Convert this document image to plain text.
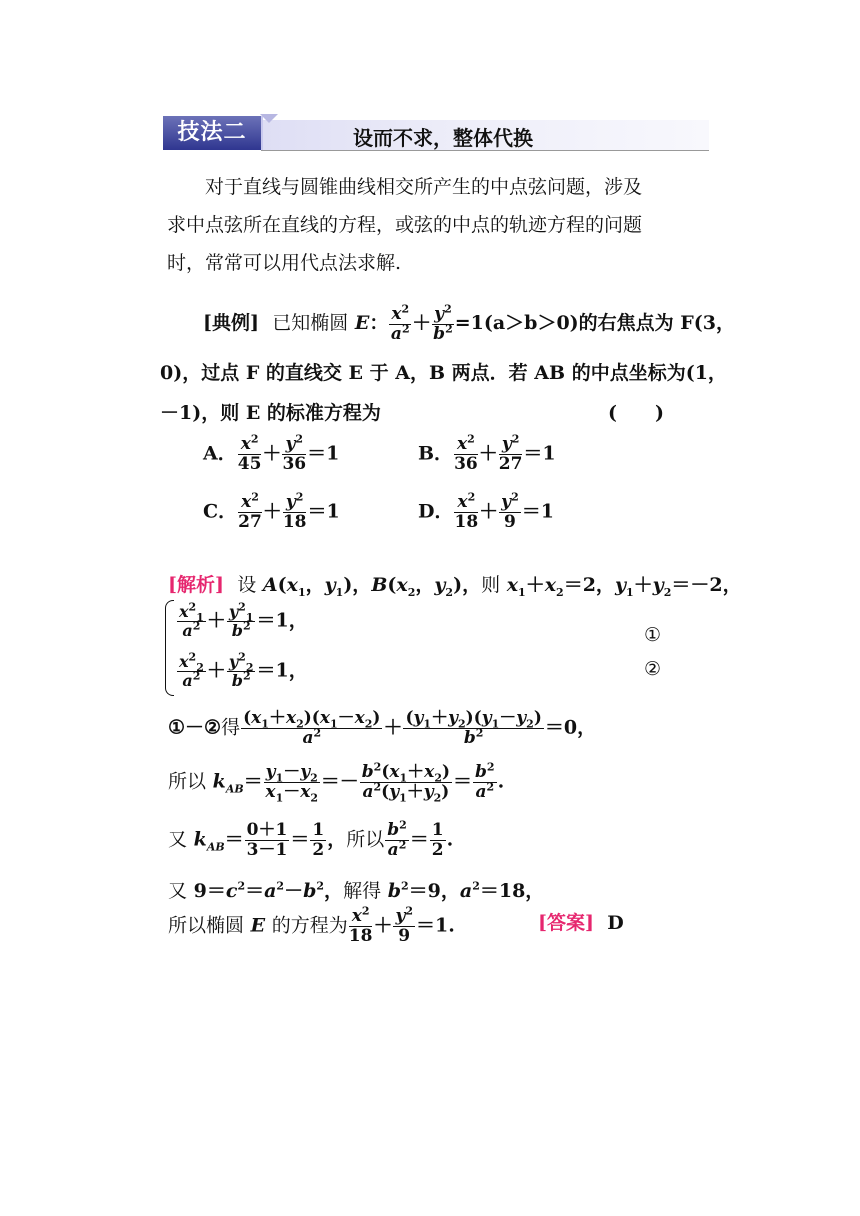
技法二	设而不求，整体代换
对于直线与圆锥曲线相交所产生的中点弦问题，涉及
求中点弦所在直线的方程，或弦的中点的轨迹方程的问题
时，常常可以用代点法求解.
[典例] 已知椭圆 E： $\frac{x^2}{a^2} + \frac{y^2}{b^2} =1(a>b>0)$的右焦点为 F(3，
0)，过点 F 的直线交 E 于 A，B 两点．若 AB 的中点坐标为(1，
－1)，则 E 的标准方程为	(　　)
A． $\frac{x^2}{45} + \frac{y^2}{36} =1$	B． $\frac{x^2}{36} + \frac{y^2}{27} =1$
C． $\frac{x^2}{27} + \frac{y^2}{18} =1$	D． $\frac{x^2}{18} + \frac{y^2}{9} =1$
[解析] 设 $A(x_1$，$y_1$)，$B(x_2$，$y_2$)，则 $x_1+x_2=2$，$y_1+y_2=-2$，
$\frac{x^2_1}{a^2} + \frac{y^2_1}{b^2} =1$，
$\frac{x^2_2}{a^2} + \frac{y^2_2}{b^2} =1$，
①
②
①－②得 $\frac{(x_1+x_2)(x_1-x_2)}{a^2} + \frac{(y_1+y_2)(y_1-y_2)}{b^2} =0$，
所以 $k_{AB}= \frac{y_1-y_2}{x_1-x_2} =- \frac{b^2(x_1+x_2)}{a^2(y_1+y_2)} = \frac{b^2}{a^2}$ .
又 $k_{AB}= \frac{0+1}{3-1} = \frac{1}{2}$ ，所以 $\frac{b^2}{a^2} = \frac{1}{2}$ .
又 $9=c^2=a^2-b^2$，解得 $b^2=9$，$a^2=18$，
所以椭圆 E 的方程为 $\frac{x^2}{18} + \frac{y^2}{9} =1$.	[答案] D
